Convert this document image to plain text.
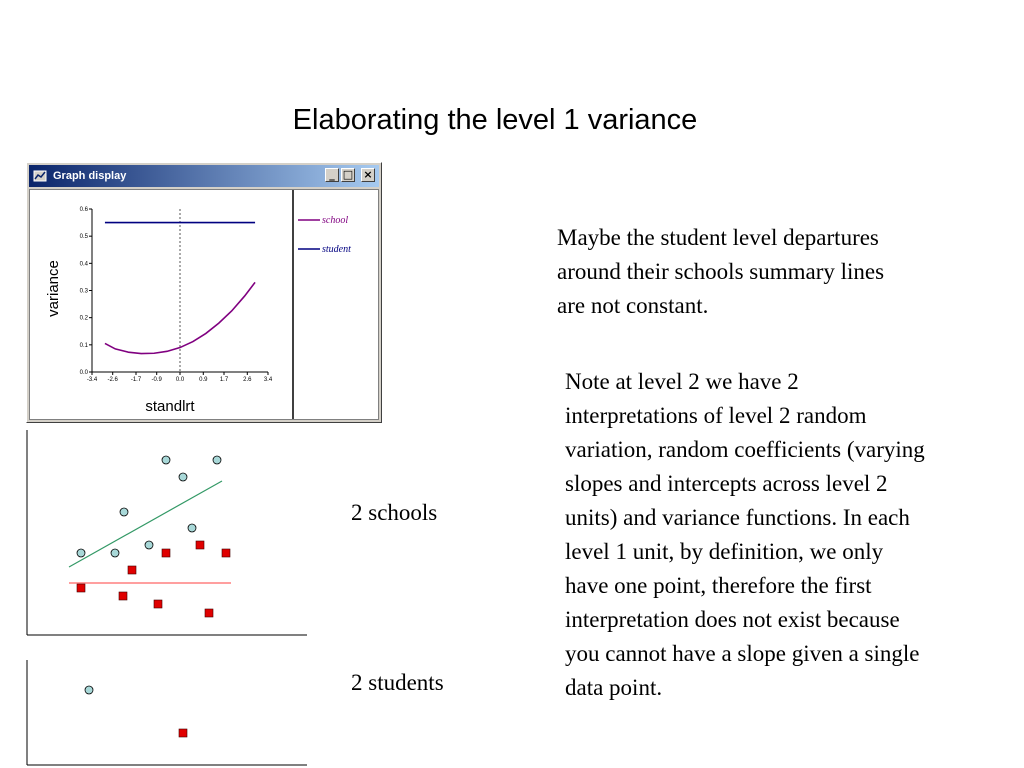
Elaborating the level 1 variance
Graph display	_ □ ×
0.0
0.1
0.2
0.3
0.4
0.5
0.6
-3.4 -2.6 -1.7 -0.9 0.0 0.9 1.7 2.6 3.4
standlrt
variance
school
student	Maybe the student level departures
around their schools summary lines
are not constant.
Note at level 2 we have 2
interpretations of level 2 random
variation, random coefficients (varying
slopes and intercepts across level 2
units) and variance functions. In each
level 1 unit, by definition, we only
have one point, therefore the first
interpretation does not exist because
you cannot have a slope given a single
data point.
2 schools
2 students
